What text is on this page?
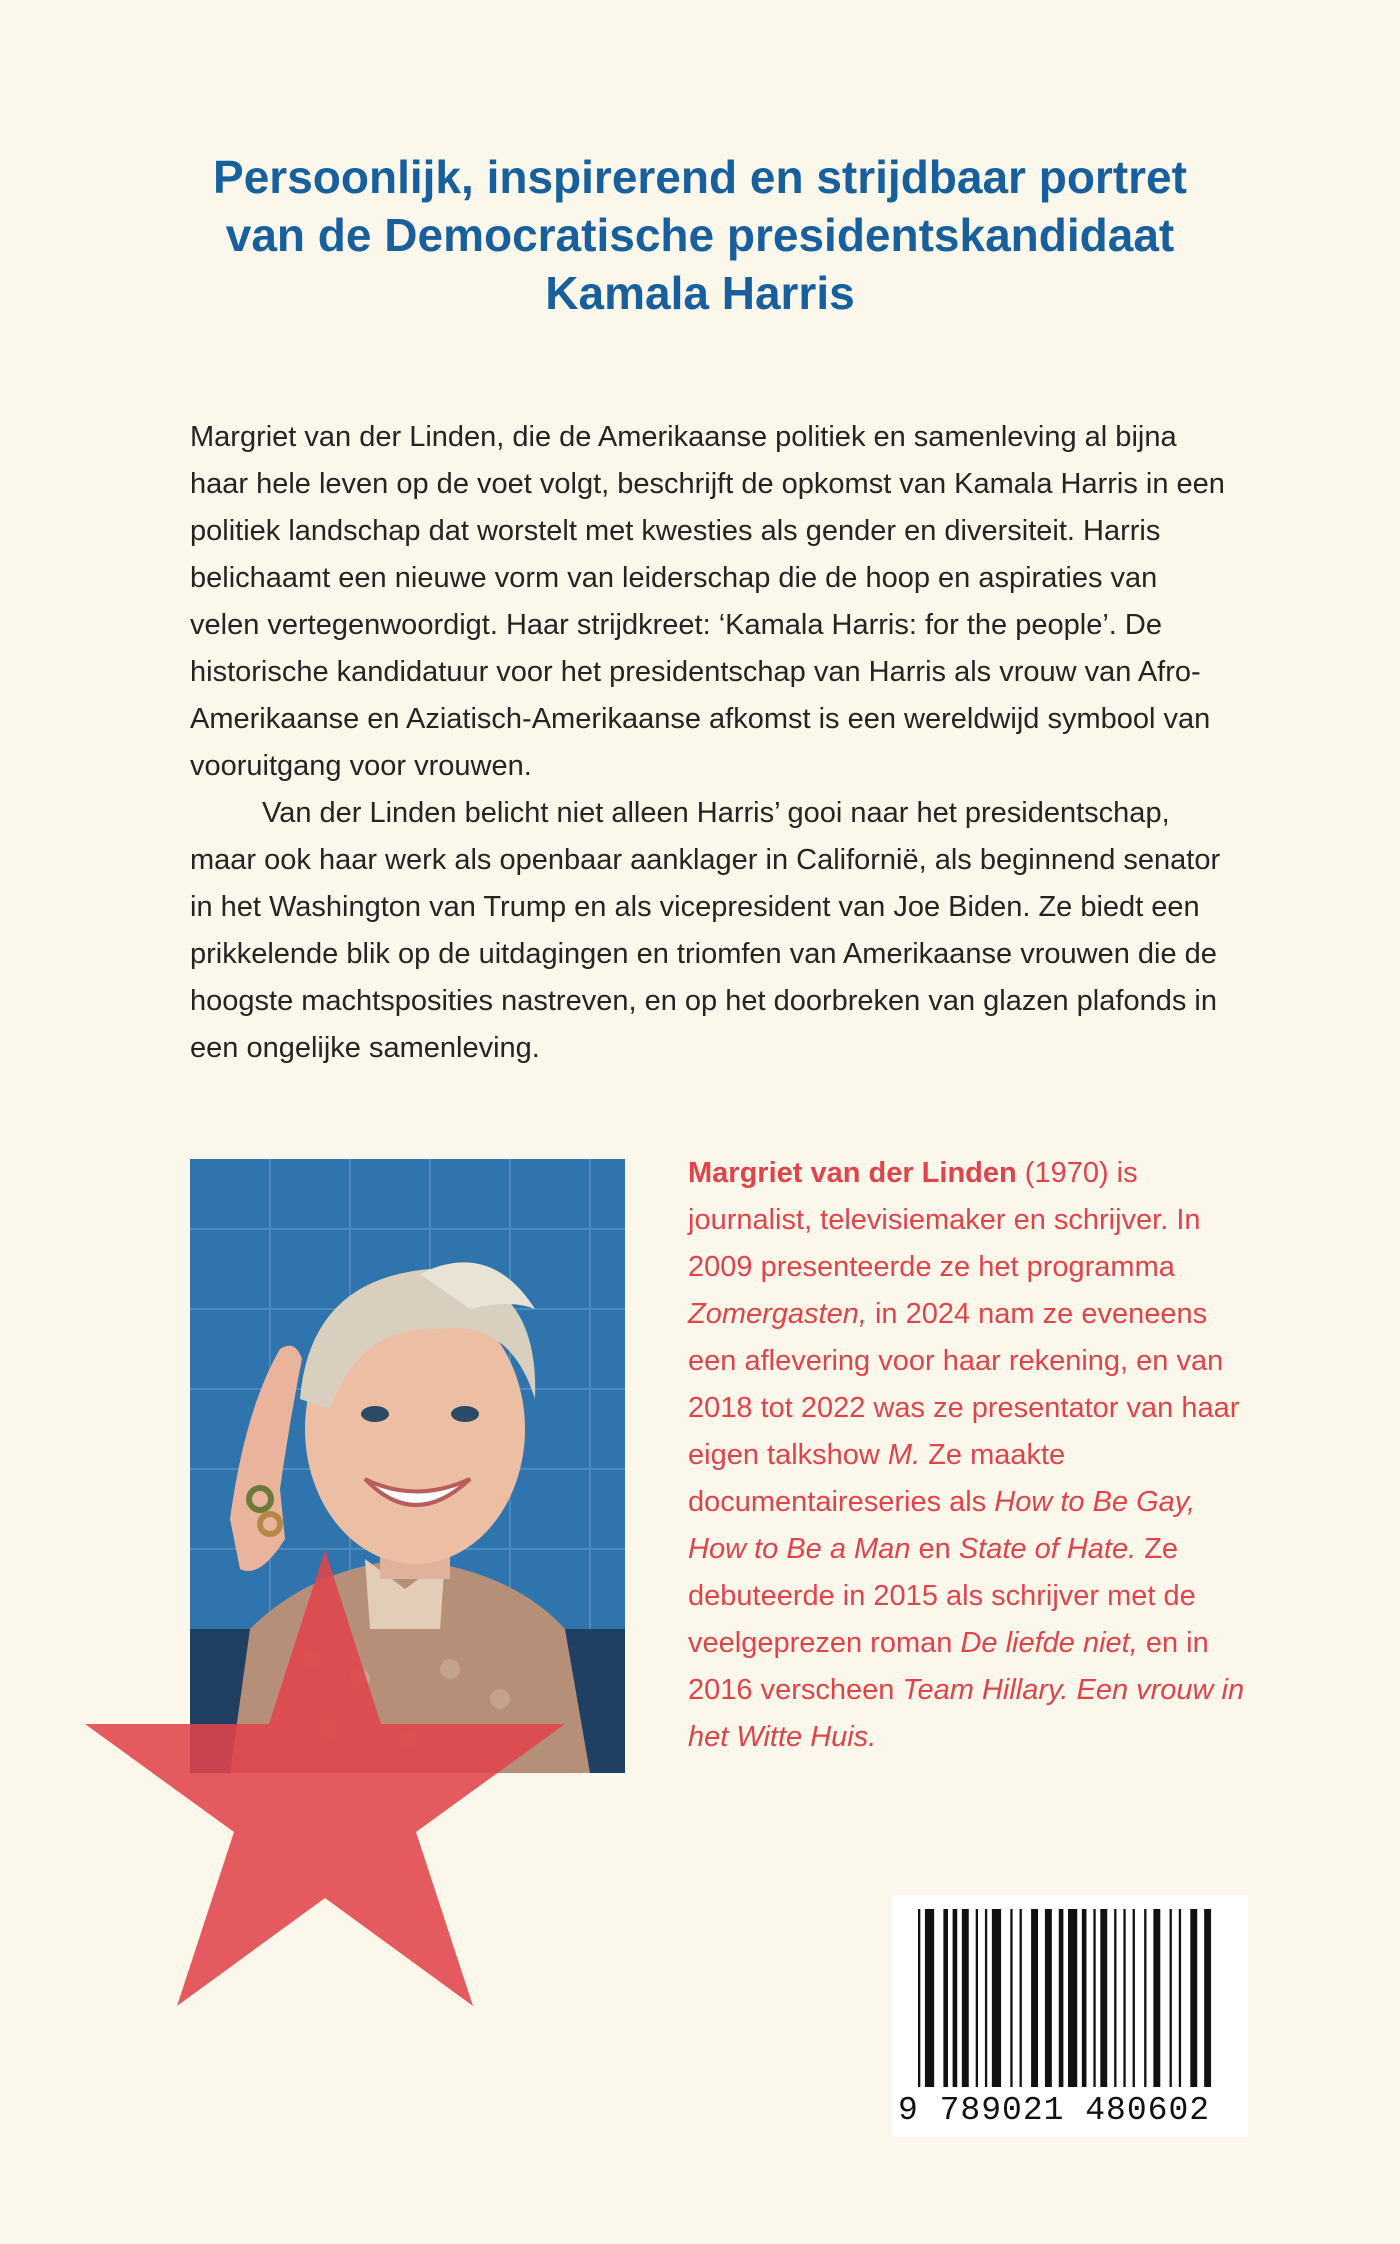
Persoonlijk, inspirerend en strijdbaar portret
van de Democratische presidentskandidaat
Kamala Harris

Margriet van der Linden, die de Amerikaanse politiek en samenleving al bijna haar hele leven op de voet volgt, beschrijft de opkomst van Kamala Harris in een politiek landschap dat worstelt met kwesties als gender en diversiteit. Harris belichaamt een nieuwe vorm van leiderschap die de hoop en aspiraties van velen vertegenwoordigt. Haar strijdkreet: ‘Kamala Harris: for the people’. De historische kandidatuur voor het presidentschap van Harris als vrouw van Afro-Amerikaanse en Aziatisch-Amerikaanse afkomst is een wereldwijd symbool van vooruitgang voor vrouwen.

Van der Linden belicht niet alleen Harris’ gooi naar het presidentschap, maar ook haar werk als openbaar aanklager in Californië, als beginnend senator in het Washington van Trump en als vicepresident van Joe Biden. Ze biedt een prikkelende blik op de uitdagingen en triomfen van Amerikaanse vrouwen die de hoogste machtsposities nastreven, en op het doorbreken van glazen plafonds in een ongelijke samenleving.

Margriet van der Linden (1970) is journalist, televisiemaker en schrijver. In 2009 presenteerde ze het programma Zomergasten, in 2024 nam ze eveneens een aflevering voor haar rekening, en van 2018 tot 2022 was ze presentator van haar eigen talkshow M. Ze maakte documentaireseries als How to Be Gay, How to Be a Man en State of Hate. Ze debuteerde in 2015 als schrijver met de veelgeprezen roman De liefde niet, en in 2016 verscheen Team Hillary. Een vrouw in het Witte Huis.
9 789021 480602
